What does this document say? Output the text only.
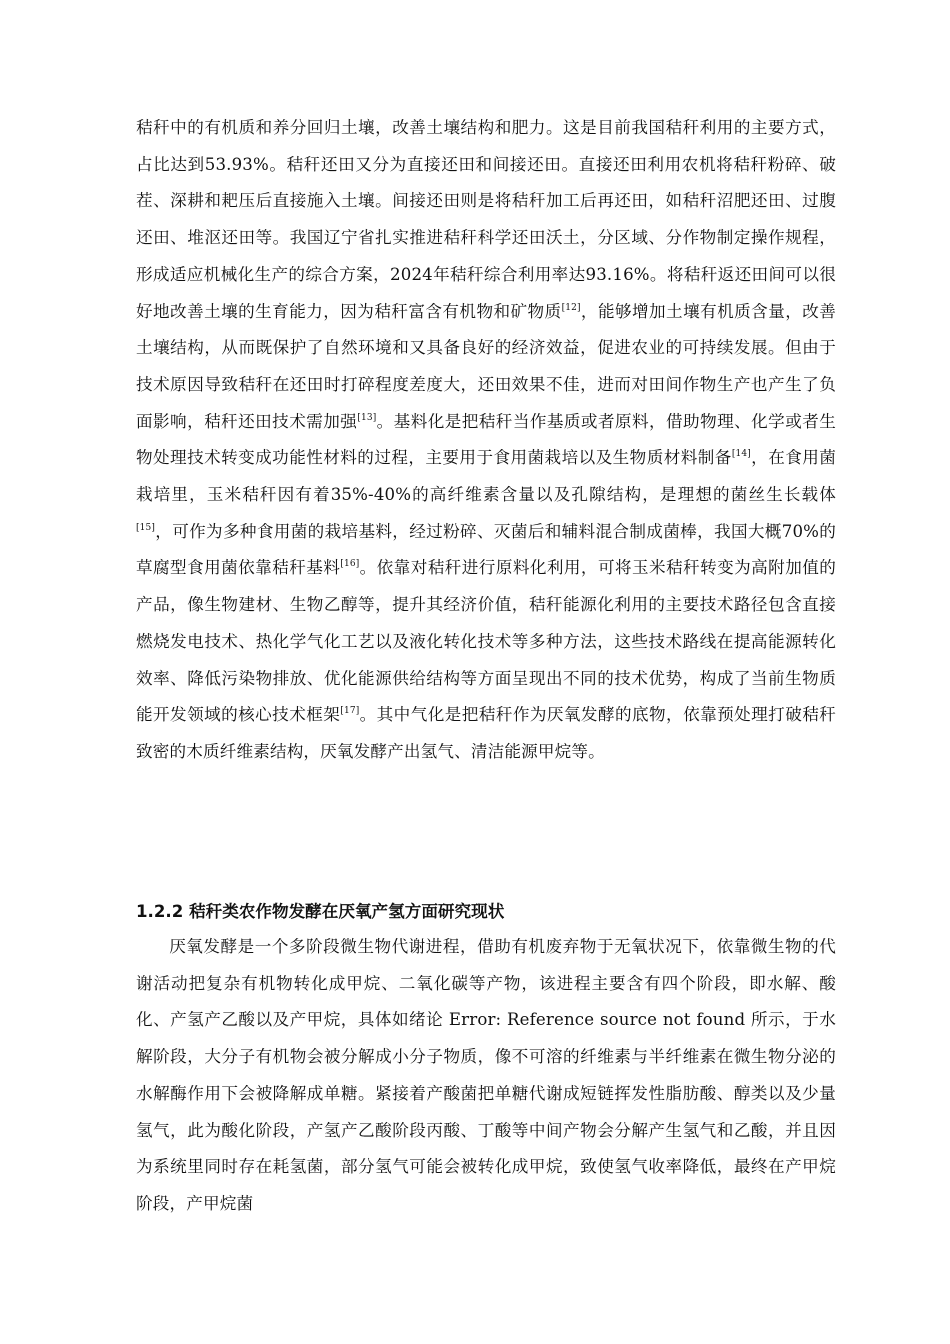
秸秆中的有机质和养分回归土壤，改善土壤结构和肥力。这是目前我国秸秆利用的主要方式，占比达到53.93%。秸秆还田又分为直接还田和间接还田。直接还田利用农机将秸秆粉碎、破茬、深耕和耙压后直接施入土壤。间接还田则是将秸秆加工后再还田，如秸秆沼肥还田、过腹还田、堆沤还田等。我国辽宁省扎实推进秸秆科学还田沃土，分区域、分作物制定操作规程，形成适应机械化生产的综合方案，2024年秸秆综合利用率达93.16%。将秸秆返还田间可以很好地改善土壤的生育能力，因为秸秆富含有机物和矿物质[12]，能够增加土壤有机质含量，改善土壤结构，从而既保护了自然环境和又具备良好的经济效益，促进农业的可持续发展。但由于技术原因导致秸秆在还田时打碎程度差度大，还田效果不佳，进而对田间作物生产也产生了负面影响，秸秆还田技术需加强[13]。基料化是把秸秆当作基质或者原料，借助物理、化学或者生物处理技术转变成功能性材料的过程，主要用于食用菌栽培以及生物质材料制备[14]，在食用菌栽培里，玉米秸秆因有着35%-40%的高纤维素含量以及孔隙结构，是理想的菌丝生长载体[15]，可作为多种食用菌的栽培基料，经过粉碎、灭菌后和辅料混合制成菌棒，我国大概70%的草腐型食用菌依靠秸秆基料[16]。依靠对秸秆进行原料化利用，可将玉米秸秆转变为高附加值的产品，像生物建材、生物乙醇等，提升其经济价值，秸秆能源化利用的主要技术路径包含直接燃烧发电技术、热化学气化工艺以及液化转化技术等多种方法，这些技术路线在提高能源转化效率、降低污染物排放、优化能源供给结构等方面呈现出不同的技术优势，构成了当前生物质能开发领域的核心技术框架[17]。其中气化是把秸秆作为厌氧发酵的底物，依靠预处理打破秸秆致密的木质纤维素结构，厌氧发酵产出氢气、清洁能源甲烷等。

1.2.2 秸秆类农作物发酵在厌氧产氢方面研究现状

厌氧发酵是一个多阶段微生物代谢进程，借助有机废弃物于无氧状况下，依靠微生物的代谢活动把复杂有机物转化成甲烷、二氧化碳等产物，该进程主要含有四个阶段，即水解、酸化、产氢产乙酸以及产甲烷，具体如绪论 Error: Reference source not found 所示，于水解阶段，大分子有机物会被分解成小分子物质，像不可溶的纤维素与半纤维素在微生物分泌的水解酶作用下会被降解成单糖。紧接着产酸菌把单糖代谢成短链挥发性脂肪酸、醇类以及少量氢气，此为酸化阶段，产氢产乙酸阶段丙酸、丁酸等中间产物会分解产生氢气和乙酸，并且因为系统里同时存在耗氢菌，部分氢气可能会被转化成甲烷，致使氢气收率降低，最终在产甲烷阶段，产甲烷菌
